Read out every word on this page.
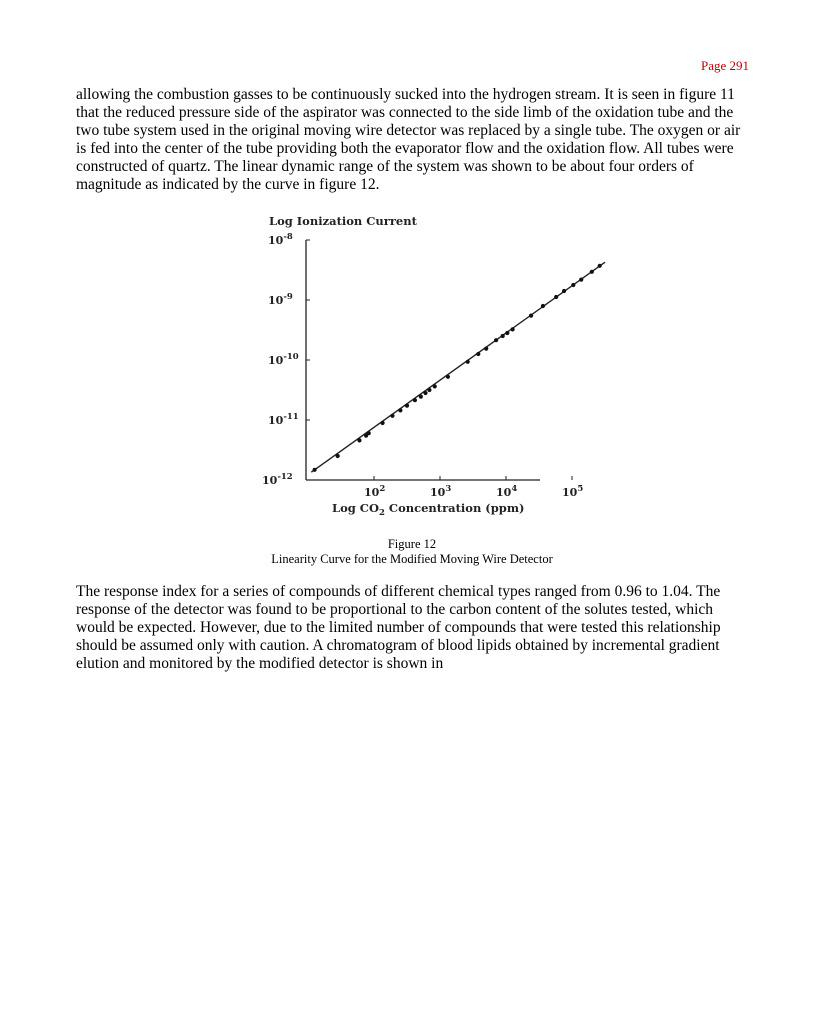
Page 291

allowing the combustion gasses to be continuously sucked into the hydrogen stream. It is seen in figure 11 that the reduced pressure side of the aspirator was connected to the side limb of the oxidation tube and the two tube system used in the original moving wire detector was replaced by a single tube. The oxygen or air is fed into the center of the tube providing both the evaporator flow and the oxidation flow. All tubes were constructed of quartz. The linear dynamic range of the system was shown to be about four orders of magnitude as indicated by the curve in figure 12.

Log Ionization Current
$10^{-8}$
$10^{-9}$
$10^{-10}$
$10^{-11}$
$10^{-12}$
$10^2$	$10^3$	$10^4$	$10^5$
Log $CO_2$ Concentration (ppm)
Figure 12
Linearity Curve for the Modified Moving Wire Detector

The response index for a series of compounds of different chemical types ranged from 0.96 to 1.04. The response of the detector was found to be proportional to the carbon content of the solutes tested, which would be expected. However, due to the limited number of compounds that were tested this relationship should be assumed only with caution. A chromatogram of blood lipids obtained by incremental gradient elution and monitored by the modified detector is shown in
